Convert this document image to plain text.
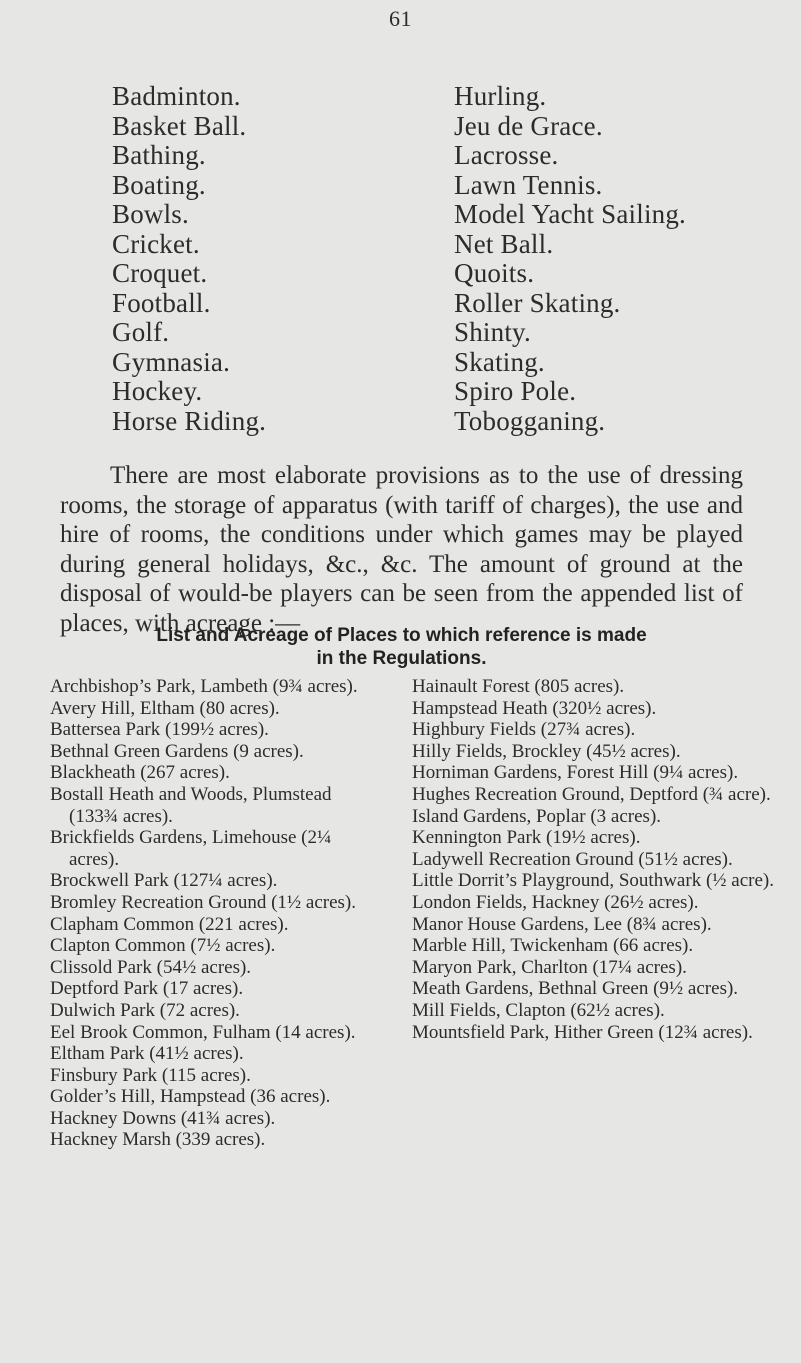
61
Badminton.
Basket Ball.
Bathing.
Boating.
Bowls.
Cricket.
Croquet.
Football.
Golf.
Gymnasia.
Hockey.
Horse Riding.
Hurling.
Jeu de Grace.
Lacrosse.
Lawn Tennis.
Model Yacht Sailing.
Net Ball.
Quoits.
Roller Skating.
Shinty.
Skating.
Spiro Pole.
Tobogganing.

There are most elaborate provisions as to the use of dressing rooms, the storage of apparatus (with tariff of charges), the use and hire of rooms, the conditions under which games may be played during general holidays, &c., &c. The amount of ground at the disposal of would-be players can be seen from the appended list of places, with acreage :—

List and Acreage of Places to which reference is made
in the Regulations.
Archbishop’s Park, Lambeth (9¾ acres).
Avery Hill, Eltham (80 acres).
Battersea Park (199½ acres).
Bethnal Green Gardens (9 acres).
Blackheath (267 acres).
Bostall Heath and Woods, Plumstead (133¾ acres).
Brickfields Gardens, Limehouse (2¼ acres).
Brockwell Park (127¼ acres).
Bromley Recreation Ground (1½ acres).
Clapham Common (221 acres).
Clapton Common (7½ acres).
Clissold Park (54½ acres).
Deptford Park (17 acres).
Dulwich Park (72 acres).
Eel Brook Common, Fulham (14 acres).
Eltham Park (41½ acres).
Finsbury Park (115 acres).
Golder’s Hill, Hampstead (36 acres).
Hackney Downs (41¾ acres).
Hackney Marsh (339 acres).
Hainault Forest (805 acres).
Hampstead Heath (320½ acres).
Highbury Fields (27¾ acres).
Hilly Fields, Brockley (45½ acres).
Horniman Gardens, Forest Hill (9¼ acres).
Hughes Recreation Ground, Deptford (¾ acre).
Island Gardens, Poplar (3 acres).
Kennington Park (19½ acres).
Ladywell Recreation Ground (51½ acres).
Little Dorrit’s Playground, Southwark (½ acre).
London Fields, Hackney (26½ acres).
Manor House Gardens, Lee (8¾ acres).
Marble Hill, Twickenham (66 acres).
Maryon Park, Charlton (17¼ acres).
Meath Gardens, Bethnal Green (9½ acres).
Mill Fields, Clapton (62½ acres).
Mountsfield Park, Hither Green (12¾ acres).
